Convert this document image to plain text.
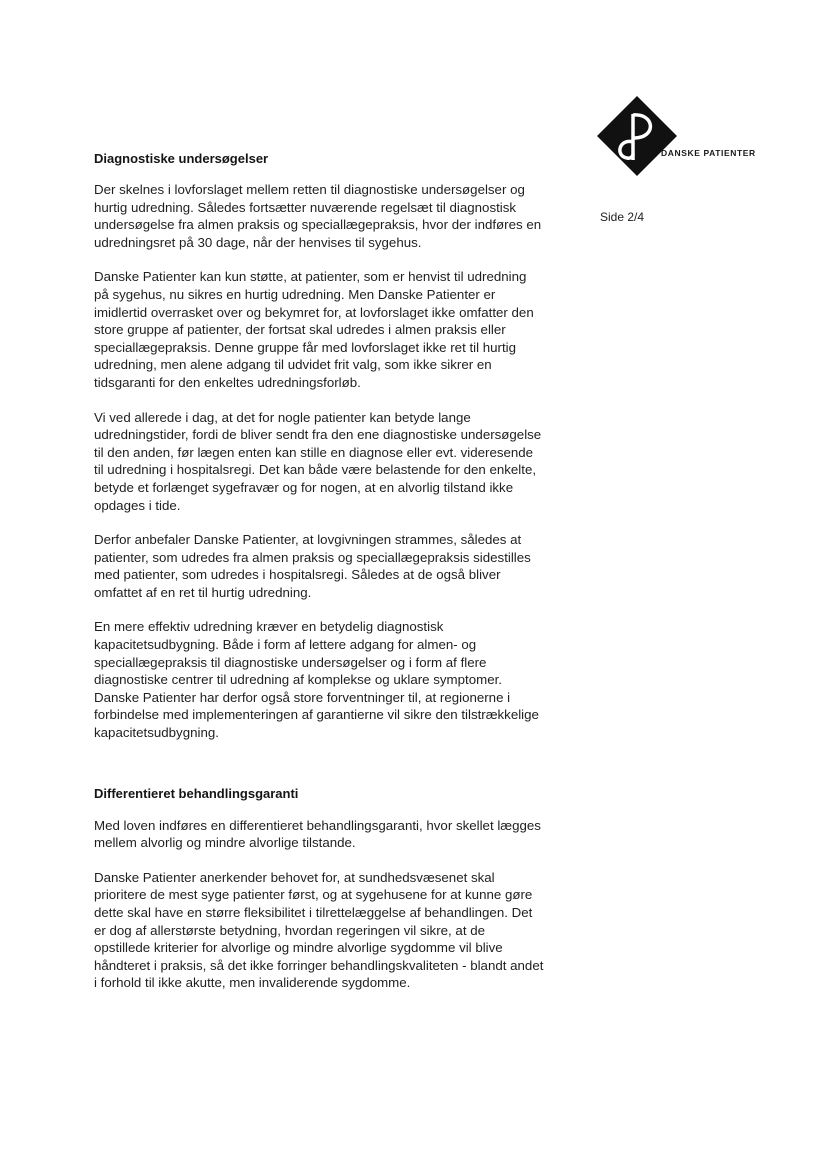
DANSKE PATIENTER
Side 2/4
Diagnostiske undersøgelser

Der skelnes i lovforslaget mellem retten til diagnostiske undersøgelser og hurtig udredning. Således fortsætter nuværende regelsæt til diagnostisk undersøgelse fra almen praksis og speciallægepraksis, hvor der indføres en udredningsret på 30 dage, når der henvises til sygehus.

Danske Patienter kan kun støtte, at patienter, som er henvist til udredning på sygehus, nu sikres en hurtig udredning. Men Danske Patienter er imidlertid overrasket over og bekymret for, at lovforslaget ikke omfatter den store gruppe af patienter, der fortsat skal udredes i almen praksis eller speciallægepraksis. Denne gruppe får med lovforslaget ikke ret til hurtig udredning, men alene adgang til udvidet frit valg, som ikke sikrer en tidsgaranti for den enkeltes udredningsforløb.

Vi ved allerede i dag, at det for nogle patienter kan betyde lange udredningstider, fordi de bliver sendt fra den ene diagnostiske undersøgelse til den anden, før lægen enten kan stille en diagnose eller evt. videresende til udredning i hospitalsregi. Det kan både være belastende for den enkelte, betyde et forlænget sygefravær og for nogen, at en alvorlig tilstand ikke opdages i tide.

Derfor anbefaler Danske Patienter, at lovgivningen strammes, således at patienter, som udredes fra almen praksis og speciallægepraksis sidestilles med patienter, som udredes i hospitalsregi. Således at de også bliver omfattet af en ret til hurtig udredning.

En mere effektiv udredning kræver en betydelig diagnostisk kapacitetsudbygning. Både i form af lettere adgang for almen- og speciallægepraksis til diagnostiske undersøgelser og i form af flere diagnostiske centrer til udredning af komplekse og uklare symptomer. Danske Patienter har derfor også store forventninger til, at regionerne i forbindelse med implementeringen af garantierne vil sikre den tilstrækkelige kapacitetsudbygning.

Differentieret behandlingsgaranti

Med loven indføres en differentieret behandlingsgaranti, hvor skellet lægges mellem alvorlig og mindre alvorlige tilstande.

Danske Patienter anerkender behovet for, at sundhedsvæsenet skal prioritere de mest syge patienter først, og at sygehusene for at kunne gøre dette skal have en større fleksibilitet i tilrettelæggelse af behandlingen. Det er dog af allerstørste betydning, hvordan regeringen vil sikre, at de opstillede kriterier for alvorlige og mindre alvorlige sygdomme vil blive håndteret i praksis, så det ikke forringer behandlingskvaliteten - blandt andet i forhold til ikke akutte, men invaliderende sygdomme.
